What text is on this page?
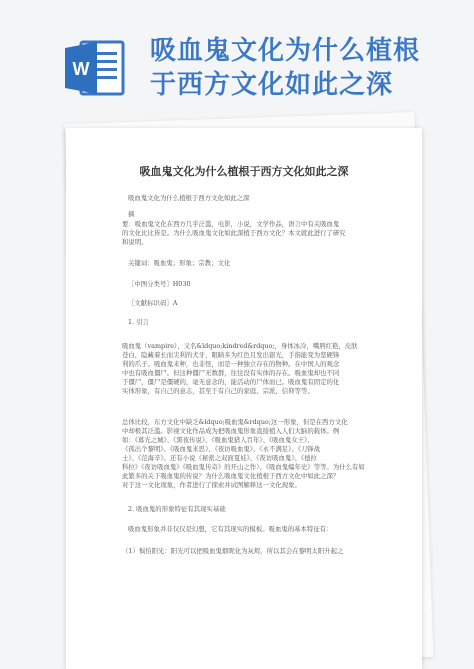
W
吸血鬼文化为什么植根
于西方文化如此之深
吸血鬼文化为什么植根于西方文化如此之深
吸血鬼文化为什么植根于西方文化如此之深
摘
要：吸血鬼文化在西方几乎泛滥，电影，小说，文学作品，语言中有关吸血鬼
的文化比比皆是。为什么吸血鬼文化如此深植于西方文化？本文就此进行了研究
和说明。
关键词：吸血鬼；形象；宗教；文化
［中图分类号］H030
［文献标识码］A
1. 引言
吸血鬼（vampire），又名&ldquo;kindred&rdquo;，身体冰冷，嘴唇红艳，皮肤
苍白，隐藏着长而尖利的犬牙，眼睛多为红色且发出银光，手指能变为坚硬锋
利的爪子。吸血鬼来种，也非怪，而是一种独立存在的物种。在中国人的观念
中也有吸血僵尸。但这种僵尸无数群，往往没有实体的存在。吸血鬼却也不同
于僵尸，僵尸是僵硬的，毫无意念的，能活动的尸体而已。吸血鬼有固定的化
实体形象，有自己的意志，甚至于有自己的家庭、宗派，信仰等等。
总体比较，东方文化中缺乏&ldquo;吸血鬼&rdquo;这一形象，但是在西方文化
中却极其泛滥。影视文化作品成为把吸血鬼形象直接植入人们大脑的载体。例
如：《暮光之城》、《黑夜传说》、《吸血鬼猎人百年》、《吸血鬼女王》、
《孤出个黎明》、《吸血鬼来思》、《夜访吸血鬼》、《永不满足》、《刀锋战
士》、《范海辛》。还有小说《秘密之双面夏娃》、《夜访吸血鬼》、《德拉
科拉》《夜访吸血鬼》《吸血鬼传奇》的开山之作）、《吸血鬼编年史》等等。为什么有如
此繁多的关于吸血鬼的传说？为什么吸血鬼文化植根于西方文化中如此之深？
对于这一文化现象，作者进行了探索并试图解释这一文化现象。
2. 吸血鬼的形象特征有其现实基础
吸血鬼形象并非仅仅是幻想，它有其现实的模板。吸血鬼的基本特征有：
（1）惧怕阳光：阳光可以把吸血鬼烟昵化为灰烬，所以其会在黎明太阳升起之
